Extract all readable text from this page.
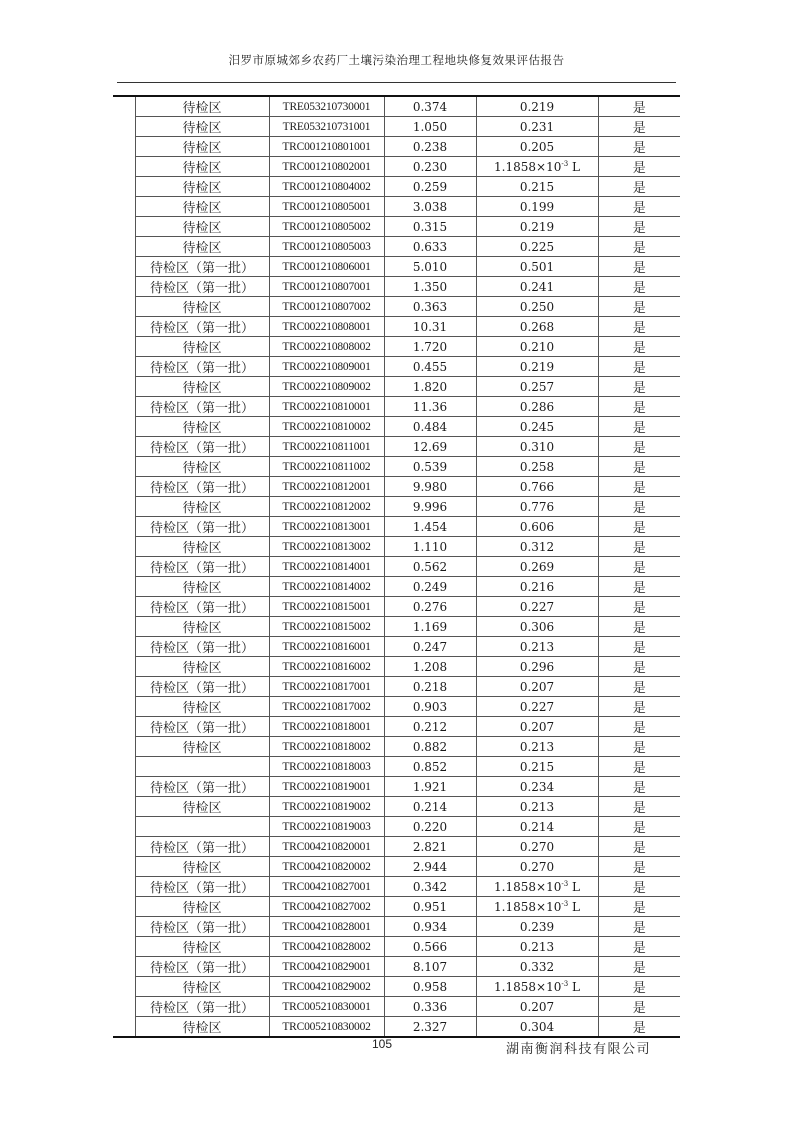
汨罗市原城郊乡农药厂土壤污染治理工程地块修复效果评估报告
	待检区	TRE053210730001	0.374	0.219	是
	待检区	TRE053210731001	1.050	0.231	是
	待检区	TRC001210801001	0.238	0.205	是
	待检区	TRC001210802001	0.230	$1.1858\times 10^{-3}$ L	是
	待检区	TRC001210804002	0.259	0.215	是
	待检区	TRC001210805001	3.038	0.199	是
	待检区	TRC001210805002	0.315	0.219	是
	待检区	TRC001210805003	0.633	0.225	是
	待检区（第一批）	TRC001210806001	5.010	0.501	是
	待检区（第一批）	TRC001210807001	1.350	0.241	是
	待检区	TRC001210807002	0.363	0.250	是
	待检区（第一批）	TRC002210808001	10.31	0.268	是
	待检区	TRC002210808002	1.720	0.210	是
	待检区（第一批）	TRC002210809001	0.455	0.219	是
	待检区	TRC002210809002	1.820	0.257	是
	待检区（第一批）	TRC002210810001	11.36	0.286	是
	待检区	TRC002210810002	0.484	0.245	是
	待检区（第一批）	TRC002210811001	12.69	0.310	是
	待检区	TRC002210811002	0.539	0.258	是
	待检区（第一批）	TRC002210812001	9.980	0.766	是
	待检区	TRC002210812002	9.996	0.776	是
	待检区（第一批）	TRC002210813001	1.454	0.606	是
	待检区	TRC002210813002	1.110	0.312	是
	待检区（第一批）	TRC002210814001	0.562	0.269	是
	待检区	TRC002210814002	0.249	0.216	是
	待检区（第一批）	TRC002210815001	0.276	0.227	是
	待检区	TRC002210815002	1.169	0.306	是
	待检区（第一批）	TRC002210816001	0.247	0.213	是
	待检区	TRC002210816002	1.208	0.296	是
	待检区（第一批）	TRC002210817001	0.218	0.207	是
	待检区	TRC002210817002	0.903	0.227	是
	待检区（第一批）	TRC002210818001	0.212	0.207	是
	待检区	TRC002210818002	0.882	0.213	是
		TRC002210818003	0.852	0.215	是
	待检区（第一批）	TRC002210819001	1.921	0.234	是
	待检区	TRC002210819002	0.214	0.213	是
		TRC002210819003	0.220	0.214	是
	待检区（第一批）	TRC004210820001	2.821	0.270	是
	待检区	TRC004210820002	2.944	0.270	是
	待检区（第一批）	TRC004210827001	0.342	$1.1858\times 10^{-3}$ L	是
	待检区	TRC004210827002	0.951	$1.1858\times 10^{-3}$ L	是
	待检区（第一批）	TRC004210828001	0.934	0.239	是
	待检区	TRC004210828002	0.566	0.213	是
	待检区（第一批）	TRC004210829001	8.107	0.332	是
	待检区	TRC004210829002	0.958	$1.1858\times 10^{-3}$ L	是
	待检区（第一批）	TRC005210830001	0.336	0.207	是
	待检区	TRC005210830002	2.327	0.304	是
105	湖南衡润科技有限公司
